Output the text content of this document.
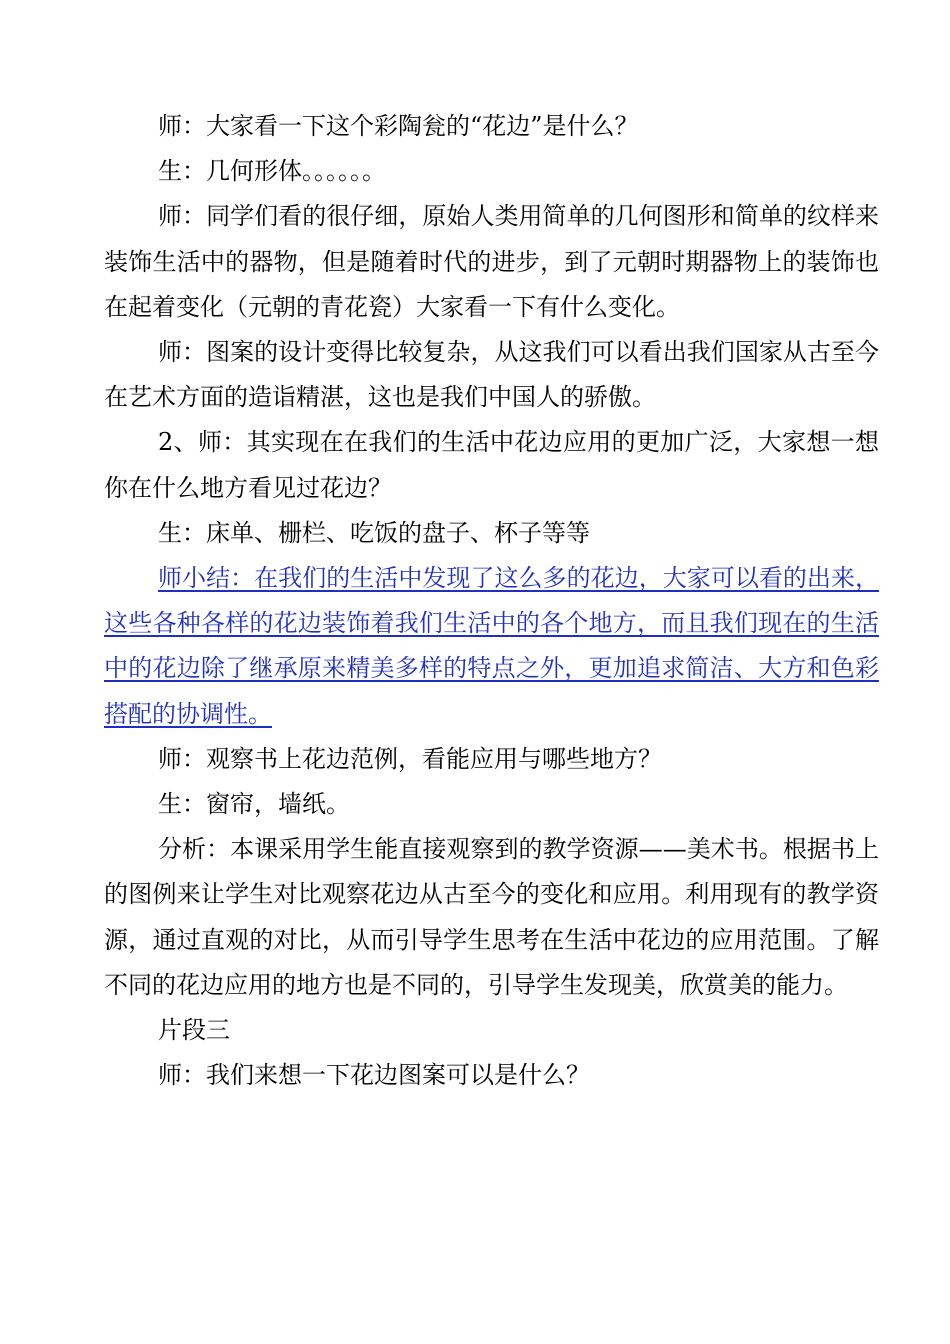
师：大家看一下这个彩陶瓮的“花边”是什么？

生：几何形体。。。。。。

师：同学们看的很仔细，原始人类用简单的几何图形和简单的纹样来装饰生活中的器物，但是随着时代的进步，到了元朝时期器物上的装饰也在起着变化（元朝的青花瓷）大家看一下有什么变化。

师：图案的设计变得比较复杂，从这我们可以看出我们国家从古至今在艺术方面的造诣精湛，这也是我们中国人的骄傲。

2、师：其实现在在我们的生活中花边应用的更加广泛，大家想一想你在什么地方看见过花边？

生：床单、栅栏、吃饭的盘子、杯子等等

师小结：在我们的生活中发现了这么多的花边，大家可以看的出来，这些各种各样的花边装饰着我们生活中的各个地方，而且我们现在的生活中的花边除了继承原来精美多样的特点之外，更加追求简洁、大方和色彩搭配的协调性。

师：观察书上花边范例，看能应用与哪些地方？

生：窗帘，墙纸。

分析：本课采用学生能直接观察到的教学资源——美术书。根据书上的图例来让学生对比观察花边从古至今的变化和应用。利用现有的教学资源，通过直观的对比，从而引导学生思考在生活中花边的应用范围。了解不同的花边应用的地方也是不同的，引导学生发现美，欣赏美的能力。

片段三

师：我们来想一下花边图案可以是什么？
